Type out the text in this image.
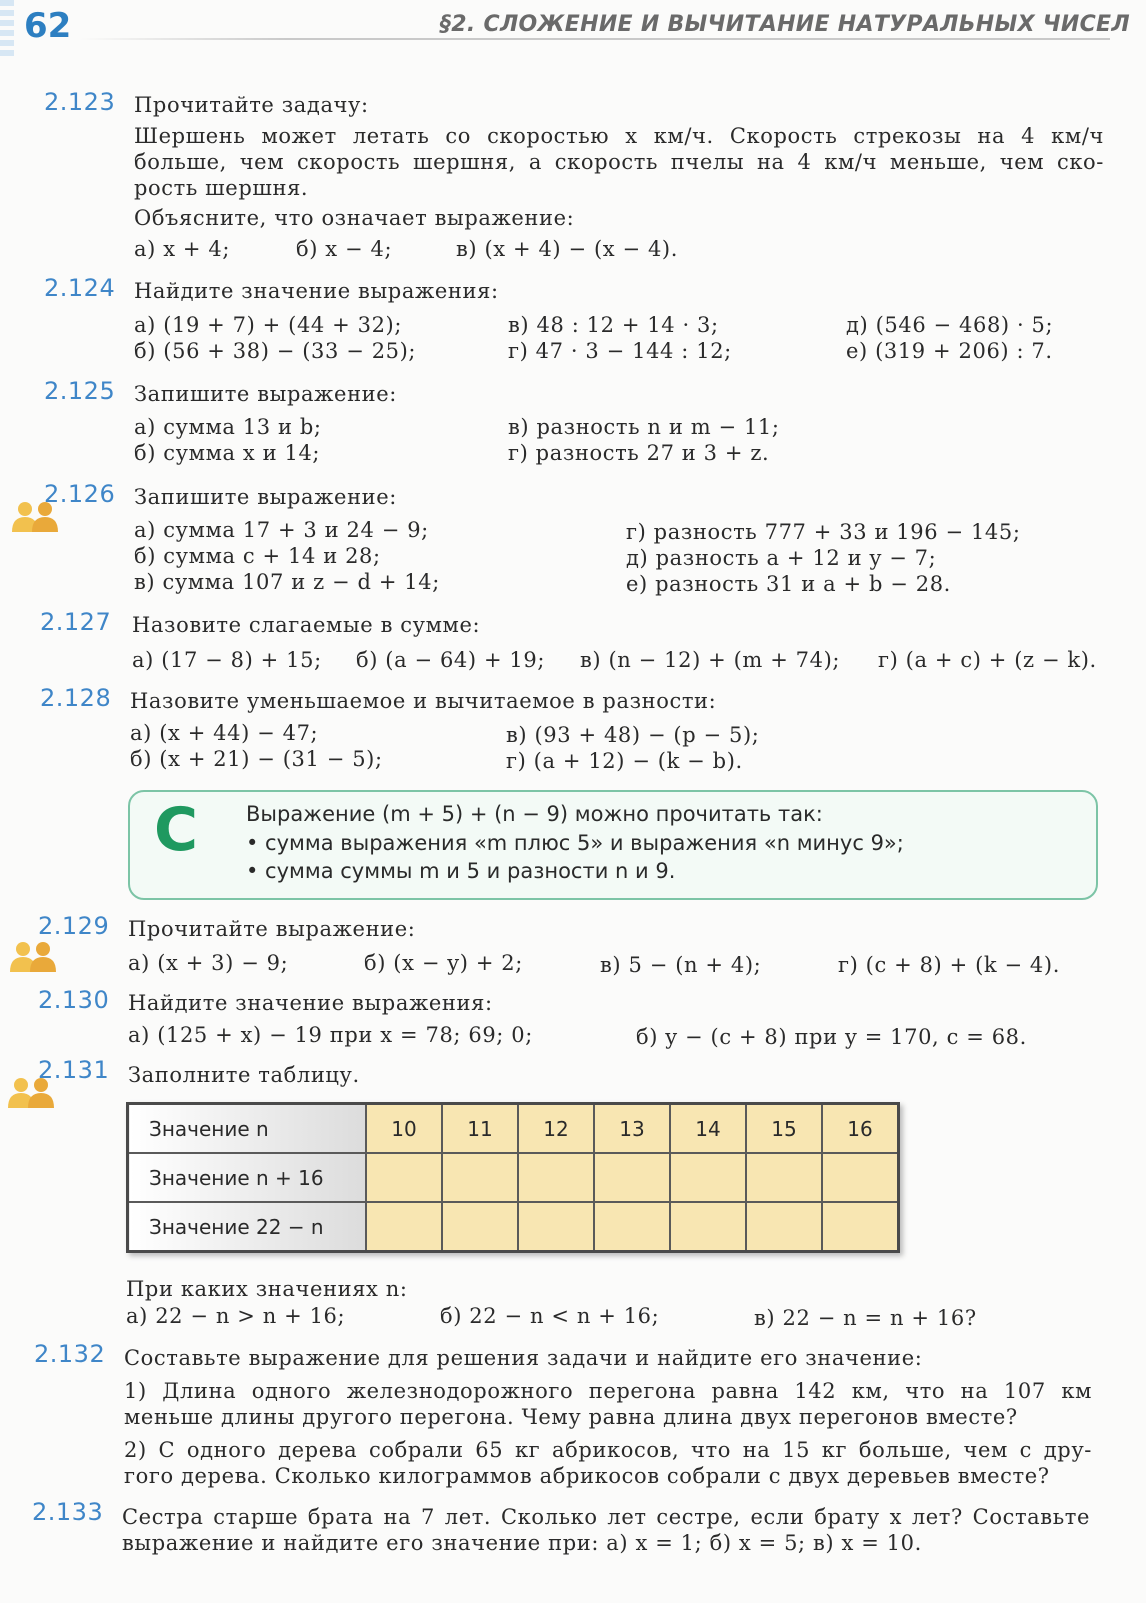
62	§2. СЛОЖЕНИЕ И ВЫЧИТАНИЕ НАТУРАЛЬНЫХ ЧИСЕЛ
2.123 Прочитайте задачу:
Шершень может летать со скоростью x км/ч. Скорость стрекозы на 4 км/ч
больше, чем скорость шершня, а скорость пчелы на 4 км/ч меньше, чем ско-
рость шершня.
Объясните, что означает выражение:
а) x + 4;	б) x − 4;	в) (x + 4) − (x − 4).
2.124 Найдите значение выражения:
а) (19 + 7) + (44 + 32);
б) (56 + 38) − (33 − 25);
в) 48 : 12 + 14 · 3;
г) 47 · 3 − 144 : 12;
д) (546 − 468) · 5;
е) (319 + 206) : 7.
2.125 Запишите выражение:
а) сумма 13 и b;
б) сумма x и 14;
в) разность n и m − 11;
г) разность 27 и 3 + z.
2.126 Запишите выражение:
а) сумма 17 + 3 и 24 − 9;
б) сумма c + 14 и 28;
в) сумма 107 и z − d + 14;
г) разность 777 + 33 и 196 − 145;
д) разность a + 12 и y − 7;
е) разность 31 и a + b − 28.
2.127 Назовите слагаемые в сумме:
а) (17 − 8) + 15; б) (a − 64) + 19; в) (n − 12) + (m + 74); г) (a + c) + (z − k).
2.128 Назовите уменьшаемое и вычитаемое в разности:
а) (x + 44) − 47;
б) (x + 21) − (31 − 5);
в) (93 + 48) − (p − 5);
г) (a + 12) − (k − b).
C Выражение (m + 5) + (n − 9) можно прочитать так:
• сумма выражения «m плюс 5» и выражения «n минус 9»;
• сумма суммы m и 5 и разности n и 9.
2.129 Прочитайте выражение:
а) (x + 3) − 9;	б) (x − y) + 2;	в) 5 − (n + 4);	г) (c + 8) + (k − 4).
2.130 Найдите значение выражения:
а) (125 + x) − 19 при x = 78; 69; 0;	б) y − (c + 8) при y = 170, c = 68.
2.131 Заполните таблицу.
Значение n	10	11	12	13	14	15	16
Значение n + 16							
Значение 22 − n							
При каких значениях n:
а) 22 − n > n + 16;	б) 22 − n < n + 16;	в) 22 − n = n + 16?
2.132 Составьте выражение для решения задачи и найдите его значение:
1) Длина одного железнодорожного перегона равна 142 км, что на 107 км
меньше длины другого перегона. Чему равна длина двух перегонов вместе?
2) С одного дерева собрали 65 кг абрикосов, что на 15 кг больше, чем с дру-
гого дерева. Сколько килограммов абрикосов собрали с двух деревьев вместе?
2.133 Сестра старше брата на 7 лет. Сколько лет сестре, если брату x лет? Составьте
выражение и найдите его значение при: а) x = 1; б) x = 5; в) x = 10.
